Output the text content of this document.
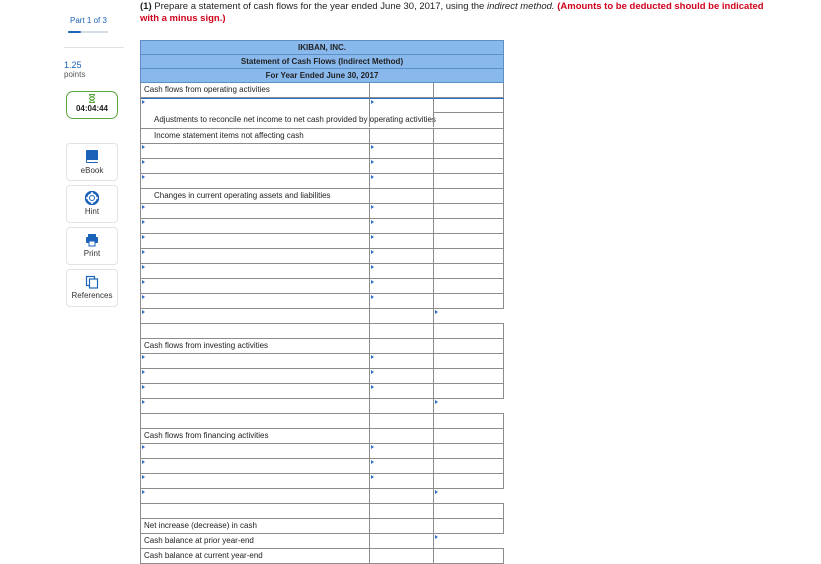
Part 1 of 3
1.25
points
04:04:44
eBook
Hint
Print
References
(1) Prepare a statement of cash flows for the year ended June 30, 2017, using the indirect method. (Amounts to be deducted should be indicated with a minus sign.)
IKIBAN, INC.
Statement of Cash Flows (Indirect Method)
For Year Ended June 30, 2017
Cash flows from operating activities
Adjustments to reconcile net income to net cash provided by operating activities
Income statement items not affecting cash
Changes in current operating assets and liabilities
Cash flows from investing activities
Cash flows from financing activities
Net increase (decrease) in cash
Cash balance at prior year-end
Cash balance at current year-end
